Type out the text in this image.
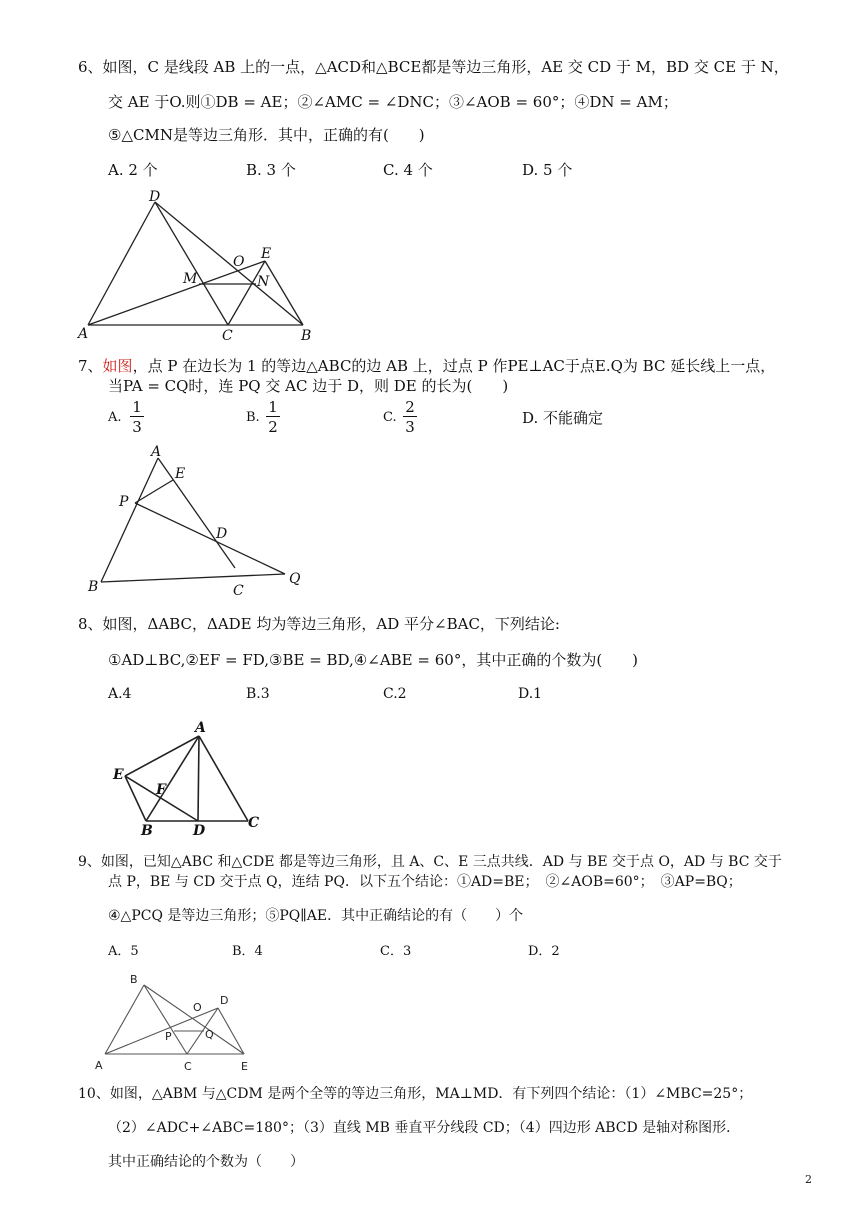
6、如图，C 是线段 AB 上的一点，△ACD和△BCE都是等边三角形，AE 交 CD 于 M，BD 交 CE 于 N，
交 AE 于O.则①DB = AE；②∠AMC = ∠DNC；③∠AOB = 60°；④DN = AM；
⑤△CMN是等边三角形．其中，正确的有(　　)
A. 2 个	B. 3 个	C. 4 个	D. 5 个
D
E
O
M	N
A	C	B
7、如图，点 P 在边长为 1 的等边△ABC的边 AB 上，过点 P 作PE⊥AC于点E.Q为 BC 延长线上一点，
当PA = CQ时，连 PQ 交 AC 边于 D，则 DE 的长为(　　)
A. $\frac{1}{3}$	B. $\frac{1}{2}$	C. $\frac{2}{3}$	D. 不能确定
A
E
P
D
B	C
Q
8、如图，ΔABC，ΔADE 均为等边三角形，AD 平分∠BAC，下列结论:
①AD⊥BC,②EF = FD,③BE = BD,④∠ABE = 60°，其中正确的个数为(　　)
A.4	B.3	C.2	D.1
A
E
F
B	D	C
9、如图，已知△ABC 和△CDE 都是等边三角形，且 A、C、E 三点共线．AD 与 BE 交于点 O，AD 与 BC 交于
点 P，BE 与 CD 交于点 Q，连结 PQ．以下五个结论：①AD=BE；　②∠AOB=60°；　③AP=BQ；
④△PCQ 是等边三角形；⑤PQ∥AE．其中正确结论的有（　　）个
A．5	B．4	C．3	D．2
B
O
D
P	Q
A	C	E
10、如图，△ABM 与△CDM 是两个全等的等边三角形，MA⊥MD．有下列四个结论：（1）∠MBC=25°；
（2）∠ADC+∠ABC=180°；（3）直线 MB 垂直平分线段 CD；（4）四边形 ABCD 是轴对称图形．
其中正确结论的个数为（　　）
2
